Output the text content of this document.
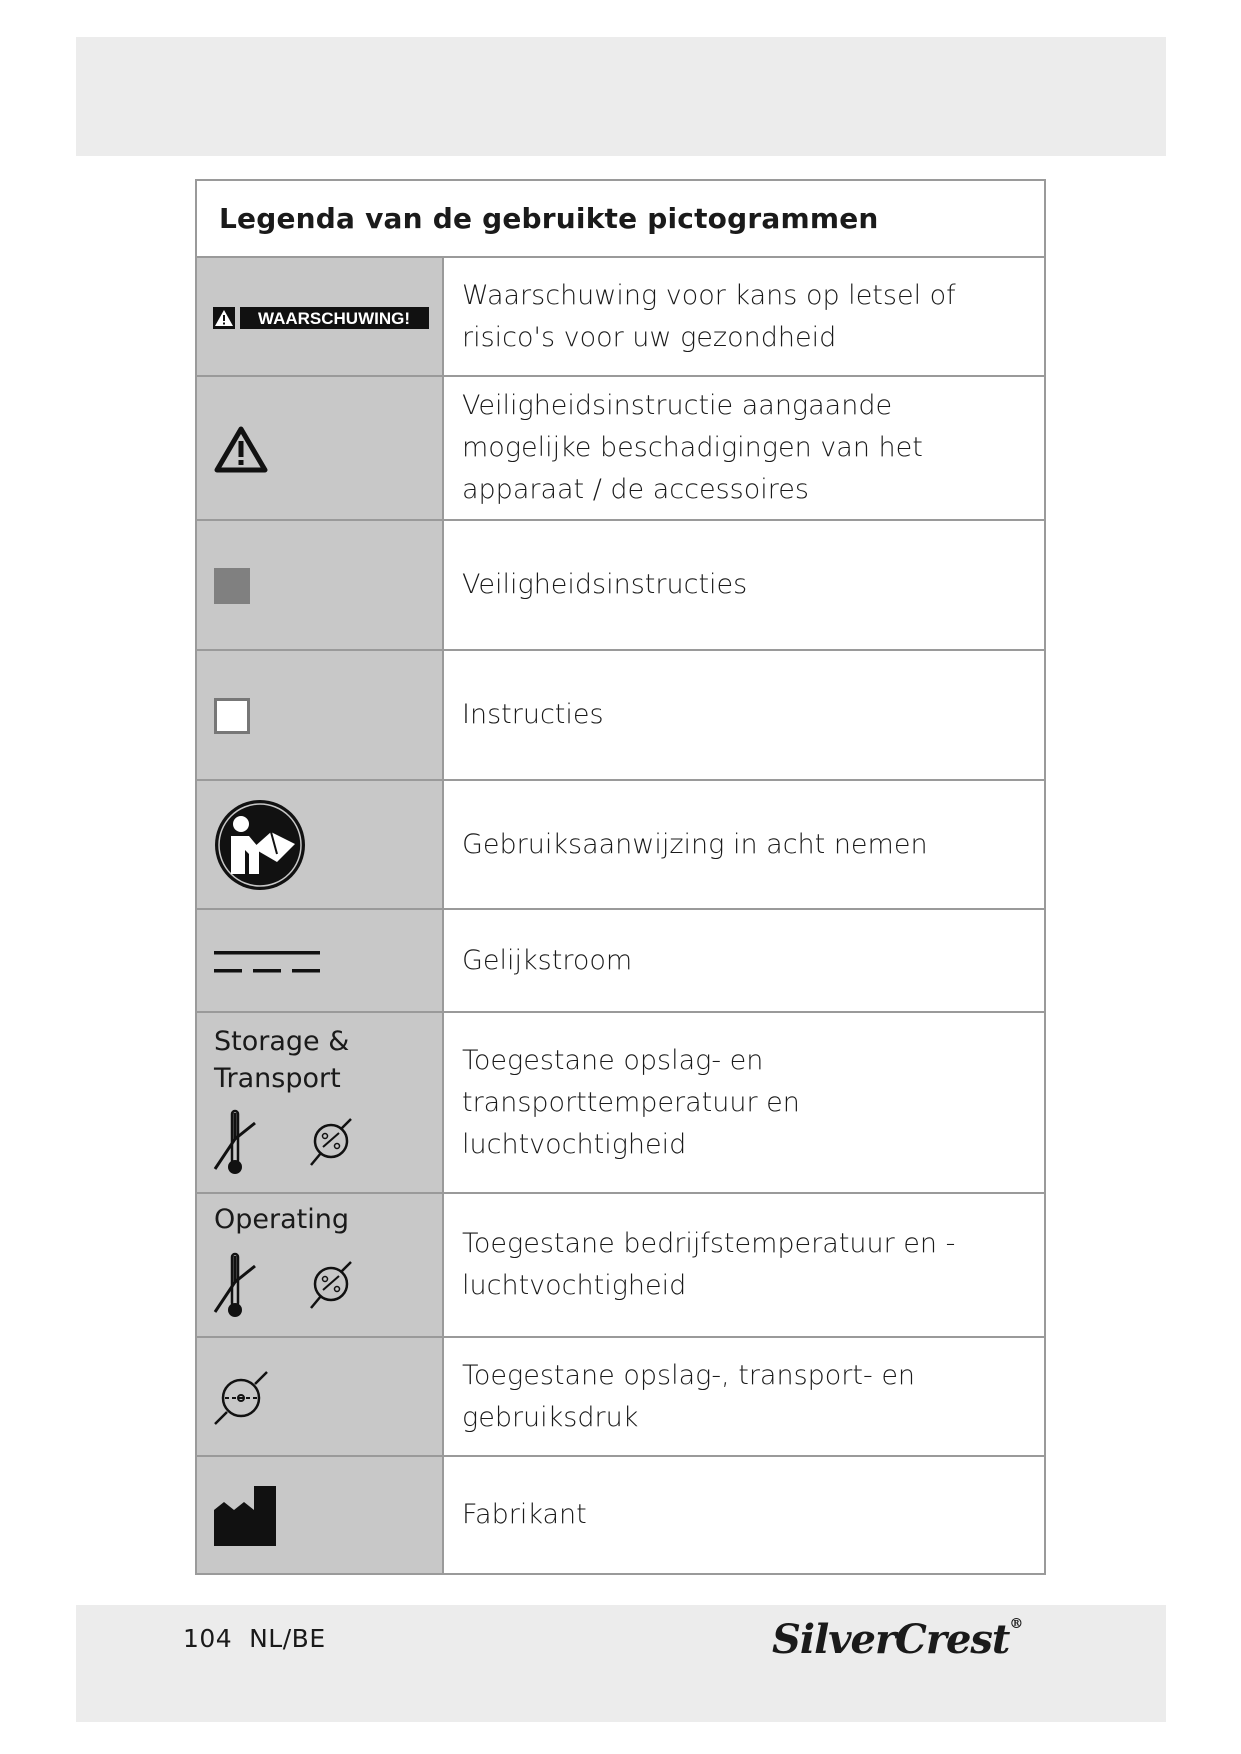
Legenda van de gebruikte pictogrammen
WAARSCHUWING!
Waarschuwing voor kans op letsel of risico's voor uw gezondheid
Veiligheidsinstructie aangaande mogelijke beschadigingen van het apparaat / de accessoires
Veiligheidsinstructies
Instructies
Gebruiksaanwijzing in acht nemen
Gelijkstroom
Storage & Transport
Toegestane opslag- en transporttemperatuur en luchtvochtigheid
Operating
Toegestane bedrijfstemperatuur en -luchtvochtigheid
Toegestane opslag-, transport- en gebruiksdruk
Fabrikant
104  NL/BE	SilverCrest®
